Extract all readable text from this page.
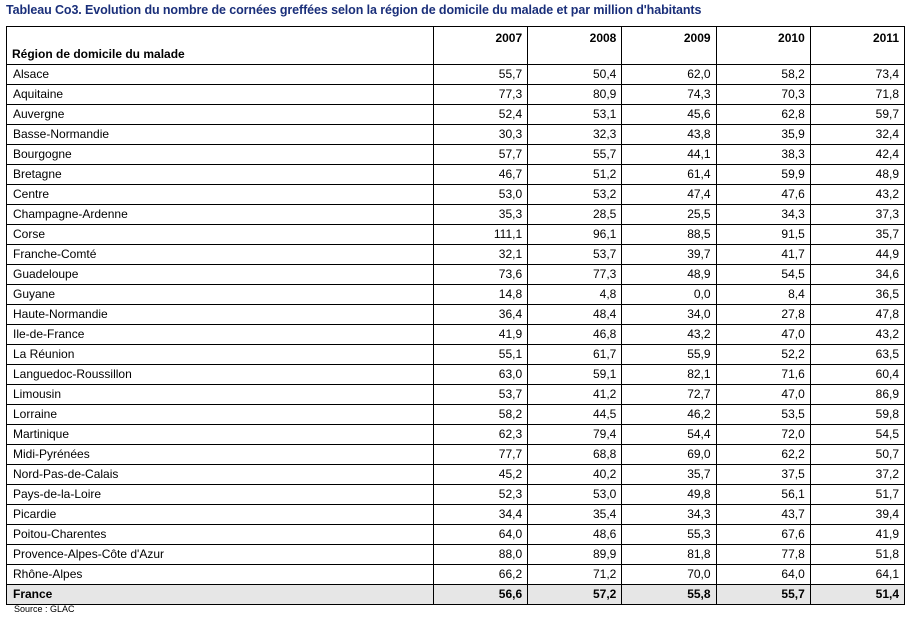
Tableau Co3. Evolution du nombre de cornées greffées selon la région de domicile du malade et par million d'habitants
Région de domicile du malade	2007	2008	2009	2010	2011
Alsace	55,7	50,4	62,0	58,2	73,4
Aquitaine	77,3	80,9	74,3	70,3	71,8
Auvergne	52,4	53,1	45,6	62,8	59,7
Basse-Normandie	30,3	32,3	43,8	35,9	32,4
Bourgogne	57,7	55,7	44,1	38,3	42,4
Bretagne	46,7	51,2	61,4	59,9	48,9
Centre	53,0	53,2	47,4	47,6	43,2
Champagne-Ardenne	35,3	28,5	25,5	34,3	37,3
Corse	111,1	96,1	88,5	91,5	35,7
Franche-Comté	32,1	53,7	39,7	41,7	44,9
Guadeloupe	73,6	77,3	48,9	54,5	34,6
Guyane	14,8	4,8	0,0	8,4	36,5
Haute-Normandie	36,4	48,4	34,0	27,8	47,8
Ile-de-France	41,9	46,8	43,2	47,0	43,2
La Réunion	55,1	61,7	55,9	52,2	63,5
Languedoc-Roussillon	63,0	59,1	82,1	71,6	60,4
Limousin	53,7	41,2	72,7	47,0	86,9
Lorraine	58,2	44,5	46,2	53,5	59,8
Martinique	62,3	79,4	54,4	72,0	54,5
Midi-Pyrénées	77,7	68,8	69,0	62,2	50,7
Nord-Pas-de-Calais	45,2	40,2	35,7	37,5	37,2
Pays-de-la-Loire	52,3	53,0	49,8	56,1	51,7
Picardie	34,4	35,4	34,3	43,7	39,4
Poitou-Charentes	64,0	48,6	55,3	67,6	41,9
Provence-Alpes-Côte d'Azur	88,0	89,9	81,8	77,8	51,8
Rhône-Alpes	66,2	71,2	70,0	64,0	64,1
France	56,6	57,2	55,8	55,7	51,4
Source : GLAC
